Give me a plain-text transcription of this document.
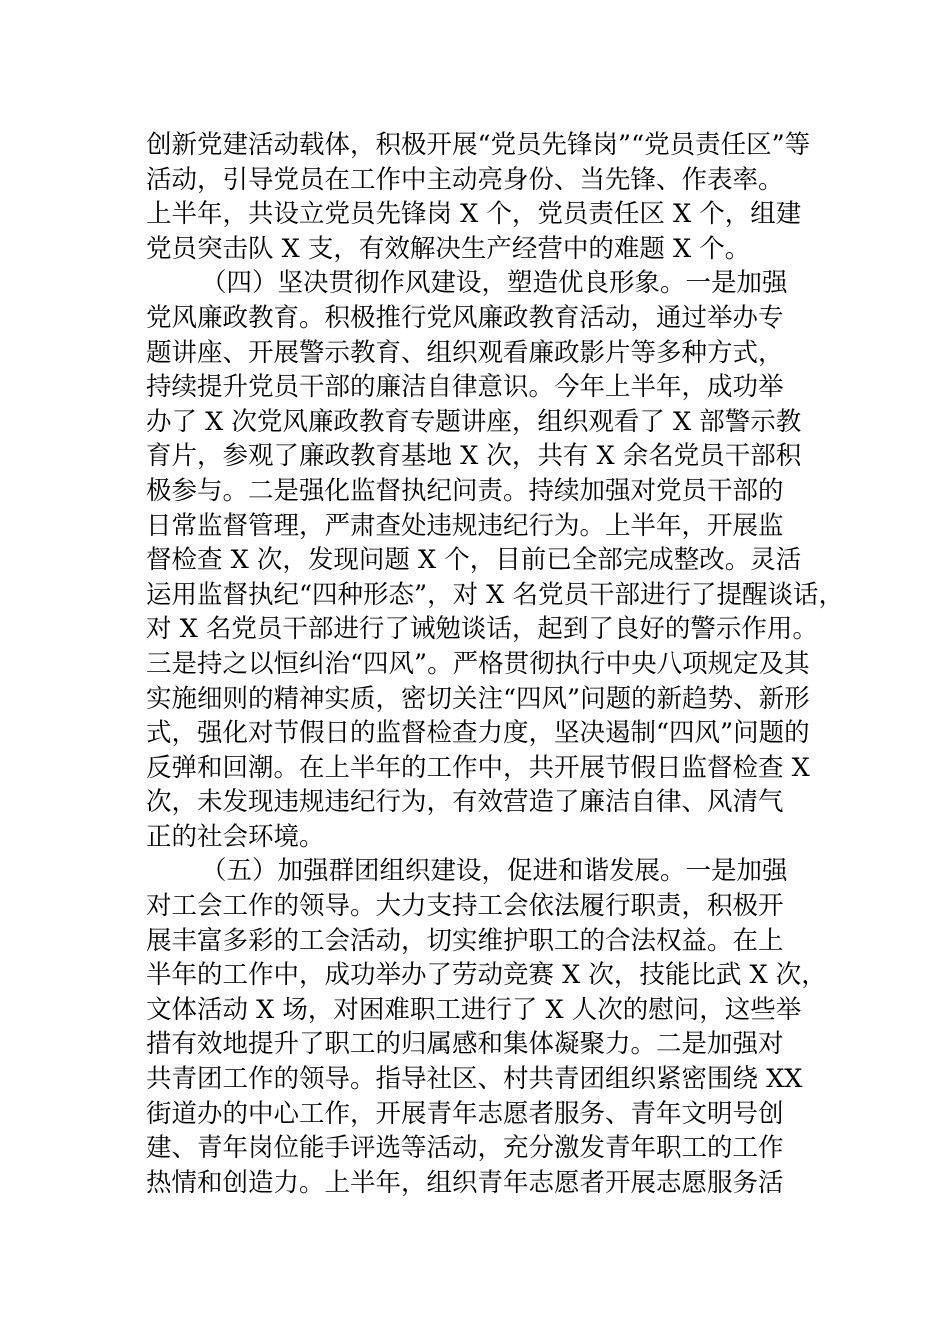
创新党建活动载体，积极开展“党员先锋岗”“党员责任区”等
活动，引导党员在工作中主动亮身份、当先锋、作表率。
上半年，共设立党员先锋岗 X 个，党员责任区 X 个，组建
党员突击队 X 支，有效解决生产经营中的难题 X 个。
（四）坚决贯彻作风建设，塑造优良形象。一是加强
党风廉政教育。积极推行党风廉政教育活动，通过举办专
题讲座、开展警示教育、组织观看廉政影片等多种方式，
持续提升党员干部的廉洁自律意识。今年上半年，成功举
办了 X 次党风廉政教育专题讲座，组织观看了 X 部警示教
育片，参观了廉政教育基地 X 次，共有 X 余名党员干部积
极参与。二是强化监督执纪问责。持续加强对党员干部的
日常监督管理，严肃查处违规违纪行为。上半年，开展监
督检查 X 次，发现问题 X 个，目前已全部完成整改。灵活
运用监督执纪“四种形态”，对 X 名党员干部进行了提醒谈话，
对 X 名党员干部进行了诫勉谈话，起到了良好的警示作用。
三是持之以恒纠治“四风”。严格贯彻执行中央八项规定及其
实施细则的精神实质，密切关注“四风”问题的新趋势、新形
式，强化对节假日的监督检查力度，坚决遏制“四风”问题的
反弹和回潮。在上半年的工作中，共开展节假日监督检查 X
次，未发现违规违纪行为，有效营造了廉洁自律、风清气
正的社会环境。
（五）加强群团组织建设，促进和谐发展。一是加强
对工会工作的领导。大力支持工会依法履行职责，积极开
展丰富多彩的工会活动，切实维护职工的合法权益。在上
半年的工作中，成功举办了劳动竞赛 X 次，技能比武 X 次，
文体活动 X 场，对困难职工进行了 X 人次的慰问，这些举
措有效地提升了职工的归属感和集体凝聚力。二是加强对
共青团工作的领导。指导社区、村共青团组织紧密围绕 XX
街道办的中心工作，开展青年志愿者服务、青年文明号创
建、青年岗位能手评选等活动，充分激发青年职工的工作
热情和创造力。上半年，组织青年志愿者开展志愿服务活
